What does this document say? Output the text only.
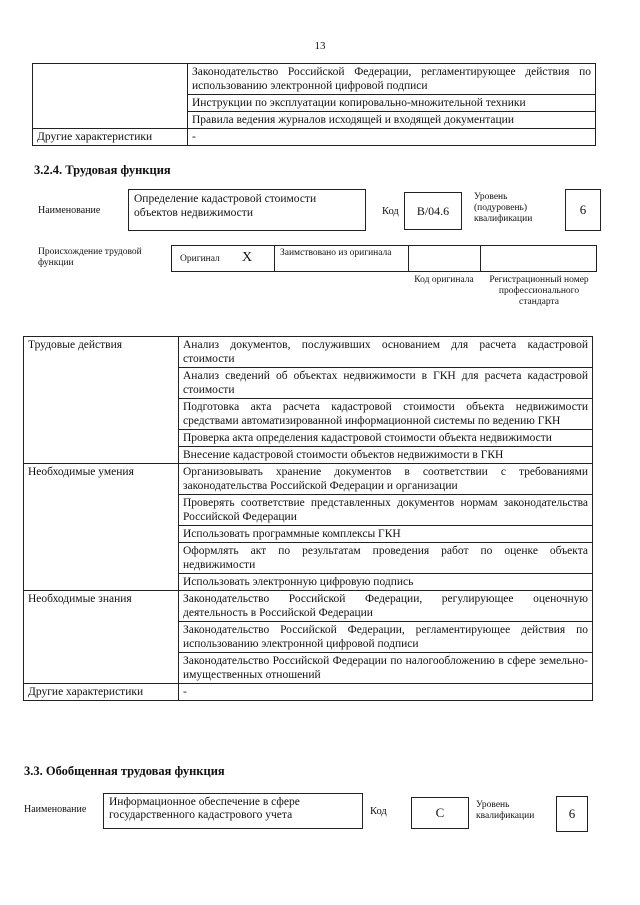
13
	Законодательство Российской Федерации, регламентирующее действия по использованию электронной цифровой подписи
	Инструкции по эксплуатации копировально-множительной техники
	Правила ведения журналов исходящей и входящей документации
Другие характеристики	-
3.2.4. Трудовая функция
Наименование
Определение кадастровой стоимости объектов недвижимости	Код B/04.6
Уровень (подуровень) квалификации
6
Происхождение трудовой функции	Оригинал X	Заимствовано из оригинала
Код оригинала	Регистрационный номер профессионального стандарта
Трудовые действия	Анализ документов, послуживших основанием для расчета кадастровой стоимости
	Анализ сведений об объектах недвижимости в ГКН для расчета кадастровой стоимости
	Подготовка акта расчета кадастровой стоимости объекта недвижимости средствами автоматизированной информационной системы по ведению ГКН
	Проверка акта определения кадастровой стоимости объекта недвижимости
	Внесение кадастровой стоимости объектов недвижимости в ГКН
Необходимые умения	Организовывать хранение документов в соответствии с требованиями законодательства Российской Федерации и организации
	Проверять соответствие представленных документов нормам законодательства Российской Федерации
	Использовать программные комплексы ГКН
	Оформлять акт по результатам проведения работ по оценке объекта недвижимости
	Использовать электронную цифровую подпись
Необходимые знания	Законодательство Российской Федерации, регулирующее оценочную деятельность в Российской Федерации
	Законодательство Российской Федерации, регламентирующее действия по использованию электронной цифровой подписи
	Законодательство Российской Федерации по налогообложению в сфере земельно-имущественных отношений
Другие характеристики	-
3.3. Обобщенная трудовая функция
Наименование
Информационное обеспечение в сфере государственного кадастрового учета	Код	C	Уровень квалификации	6
